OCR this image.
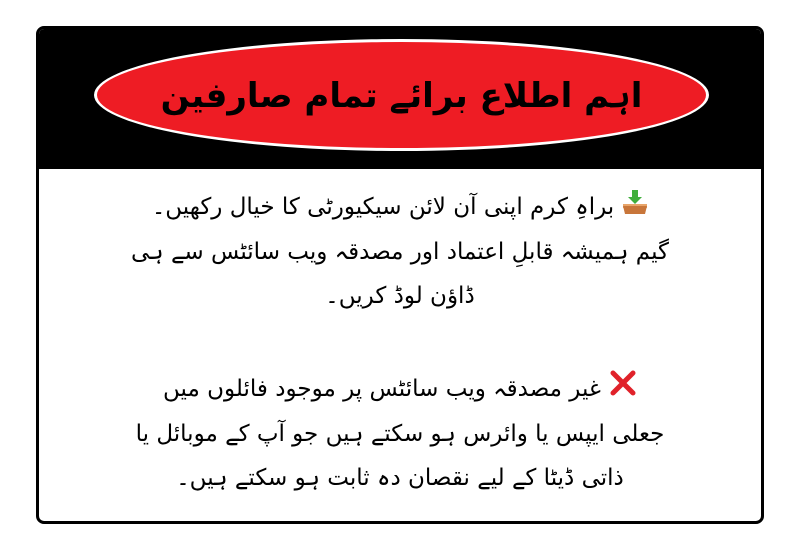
اہم اطلاع برائے تمام صارفین
براہِ کرم اپنی آن لائن سیکیورٹی کا خیال رکھیں۔
گیم ہمیشہ قابلِ اعتماد اور مصدقہ ویب سائٹس سے ہی
ڈاؤن لوڈ کریں۔
غیر مصدقہ ویب سائٹس پر موجود فائلوں میں
جعلی ایپس یا وائرس ہو سکتے ہیں جو آپ کے موبائل یا
ذاتی ڈیٹا کے لیے نقصان دہ ثابت ہو سکتے ہیں۔
